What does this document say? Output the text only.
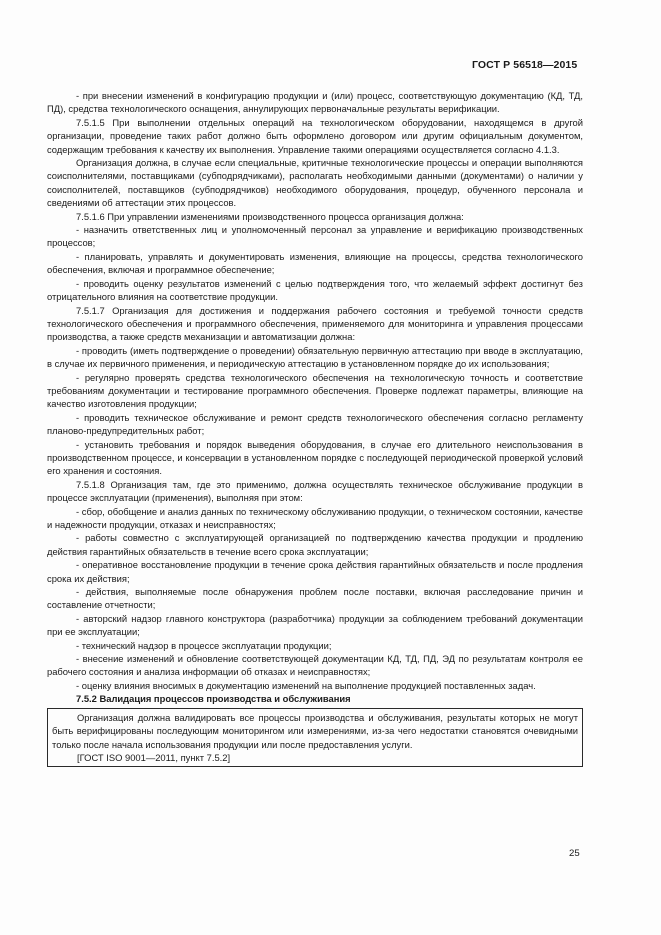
ГОСТ Р 56518—2015

- при внесении изменений в конфигурацию продукции и (или) процесс, соответствующую документацию (КД, ТД, ПД), средства технологического оснащения, аннулирующих первоначальные результаты верификации.

7.5.1.5 При выполнении отдельных операций на технологическом оборудовании, находящемся в другой организации, проведение таких работ должно быть оформлено договором или другим официальным документом, содержащим требования к качеству их выполнения. Управление такими операциями осуществляется согласно 4.1.3.

Организация должна, в случае если специальные, критичные технологические процессы и операции выполняются соисполнителями, поставщиками (субподрядчиками), располагать необходимыми данными (документами) о наличии у соисполнителей, поставщиков (субподрядчиков) необходимого оборудования, процедур, обученного персонала и сведениями об аттестации этих процессов.

7.5.1.6 При управлении изменениями производственного процесса организация должна:

- назначить ответственных лиц и уполномоченный персонал за управление и верификацию производственных процессов;

- планировать, управлять и документировать изменения, влияющие на процессы, средства технологического обеспечения, включая и программное обеспечение;

- проводить оценку результатов изменений с целью подтверждения того, что желаемый эффект достигнут без отрицательного влияния на соответствие продукции.

7.5.1.7 Организация для достижения и поддержания рабочего состояния и требуемой точности средств технологического обеспечения и программного обеспечения, применяемого для мониторинга и управления процессами производства, а также средств механизации и автоматизации должна:

- проводить (иметь подтверждение о проведении) обязательную первичную аттестацию при вводе в эксплуатацию, в случае их первичного применения, и периодическую аттестацию в установленном порядке до их использования;

- регулярно проверять средства технологического обеспечения на технологическую точность и соответствие требованиям документации и тестирование программного обеспечения. Проверке подлежат параметры, влияющие на качество изготовления продукции;

- проводить техническое обслуживание и ремонт средств технологического обеспечения согласно регламенту планово-предупредительных работ;

- установить требования и порядок выведения оборудования, в случае его длительного неиспользования в производственном процессе, и консервации в установленном порядке с последующей периодической проверкой условий его хранения и состояния.

7.5.1.8 Организация там, где это применимо, должна осуществлять техническое обслуживание продукции в процессе эксплуатации (применения), выполняя при этом:

- сбор, обобщение и анализ данных по техническому обслуживанию продукции, о техническом состоянии, качестве и надежности продукции, отказах и неисправностях;

- работы совместно с эксплуатирующей организацией по подтверждению качества продукции и продлению действия гарантийных обязательств в течение всего срока эксплуатации;

- оперативное восстановление продукции в течение срока действия гарантийных обязательств и после продления срока их действия;

- действия, выполняемые после обнаружения проблем после поставки, включая расследование причин и составление отчетности;

- авторский надзор главного конструктора (разработчика) продукции за соблюдением требований документации при ее эксплуатации;

- технический надзор в процессе эксплуатации продукции;

- внесение изменений и обновление соответствующей документации КД, ТД, ПД, ЭД по результатам контроля ее рабочего состояния и анализа информации об отказах и неисправностях;

- оценку влияния вносимых в документацию изменений на выполнение продукцией поставленных задач.

7.5.2 Валидация процессов производства и обслуживания

Организация должна валидировать все процессы производства и обслуживания, результаты которых не могут быть верифицированы последующим мониторингом или измерениями, из-за чего недостатки становятся очевидными только после начала использования продукции или после предоставления услуги.

[ГОСТ ISO 9001—2011, пункт 7.5.2]

25
